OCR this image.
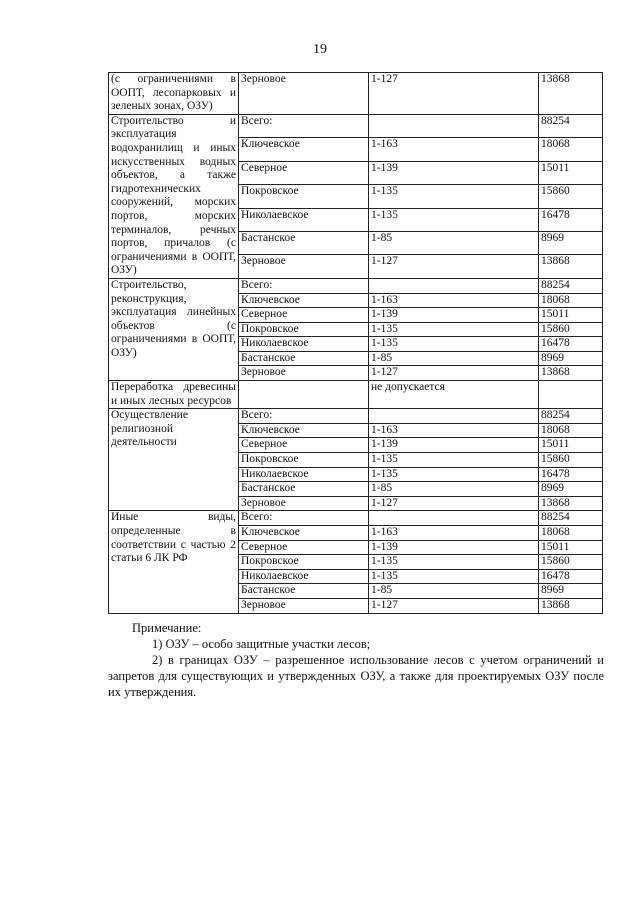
19
(с ограничениями в ООПТ, лесопарковых и зеленых зонах, ОЗУ)	Зерновое	1-127	13868
Строительство и эксплуатация водохранилищ и иных искусственных водных объектов, а также гидротехнических сооружений, морских портов, морских терминалов, речных портов, причалов (с ограничениями в ООПТ, ОЗУ)	Всего:		88254
	Ключевское	1-163	18068
	Северное	1-139	15011
	Покровское	1-135	15860
	Николаевское	1-135	16478
	Бастанское	1-85	8969
	Зерновое	1-127	13868
Строительство, реконструкция, эксплуатация линейных объектов (с ограничениями в ООПТ, ОЗУ)	Всего:		88254
	Ключевское	1-163	18068
	Северное	1-139	15011
	Покровское	1-135	15860
	Николаевское	1-135	16478
	Бастанское	1-85	8969
	Зерновое	1-127	13868
Переработка древесины и иных лесных ресурсов		не допускается	
Осуществление религиозной деятельности	Всего:		88254
	Ключевское	1-163	18068
	Северное	1-139	15011
	Покровское	1-135	15860
	Николаевское	1-135	16478
	Бастанское	1-85	8969
	Зерновое	1-127	13868
Иные виды, определенные в соответствии с частью 2 статьи 6 ЛК РФ	Всего:		88254
	Ключевское	1-163	18068
	Северное	1-139	15011
	Покровское	1-135	15860
	Николаевское	1-135	16478
	Бастанское	1-85	8969
	Зерновое	1-127	13868
Примечание:
1) ОЗУ – особо защитные участки лесов;
2) в границах ОЗУ – разрешенное использование лесов с учетом ограничений и запретов для существующих и утвержденных ОЗУ, а также для проектируемых ОЗУ после их утверждения.
